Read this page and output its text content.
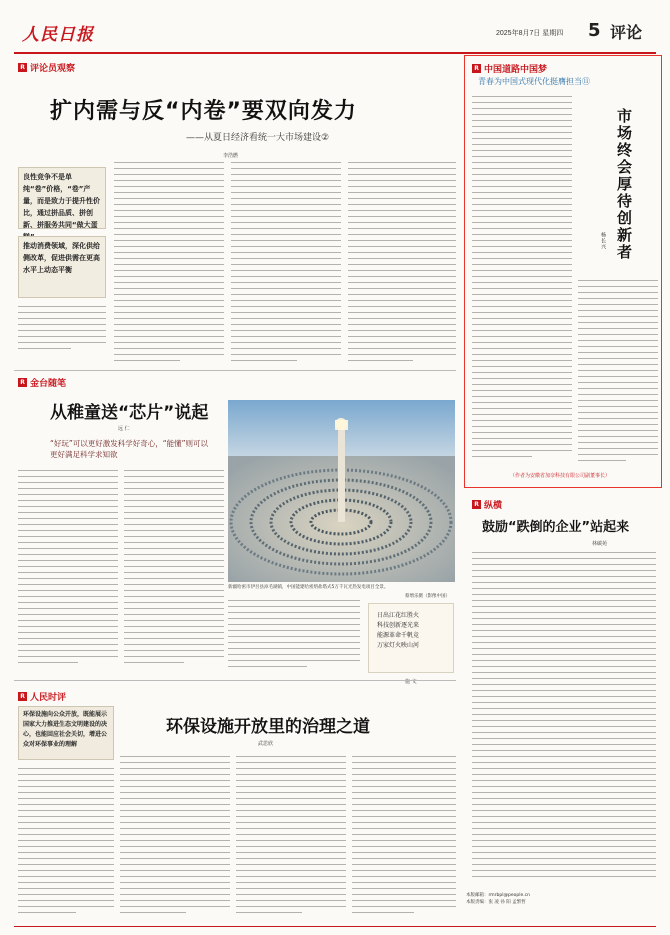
人民日报	2025年8月7日 星期四 5 评论
R 评论员观察
扩内需与反“内卷”要双向发力
——从夏日经济看统一大市场建设②
李浩燃
良性竞争不是单纯“卷”价格，“卷”产量，而是致力于提升性价比，通过拼品质、拼创新、拼服务共同“做大蛋
推动消费领域，深化供给侧改革，促进供需在更高水平上动态平衡
R 金台随笔
从稚童送“芯片”说起
远 仁
“好玩”可以更好激发科学好奇心，“能懂”则可以更好满足科学求知欲
新疆哈密市伊吾县淖毛湖镇，中国能建哈密熔盐塔式5万千瓦光热发电项目全景。
蔡增乐摄（影像中国）
日出江花红胜火
科技创新逐光来
能源革命千帆竞
万家灯火映山河
施 文
R 中国道路中国梦
青春为中国式现代化挺膺担当⑪
市场终会厚待创新者
杨长兴
（作者为安徽省加奈科技有限公司副董事长）
R 纵横
鼓励“跌倒的企业”站起来
林碳苑
R 人民时评
环保设施开放里的治理之道
武思欣
环保设施向公众开放，既能展示国家大力推进生态文明建设的决心，也能回应社会关切，增进公众对环保事业的理解
本版邮箱：rmrbpl@people.cn
本版责编：张 凌 孙 阳 孟繁哲
